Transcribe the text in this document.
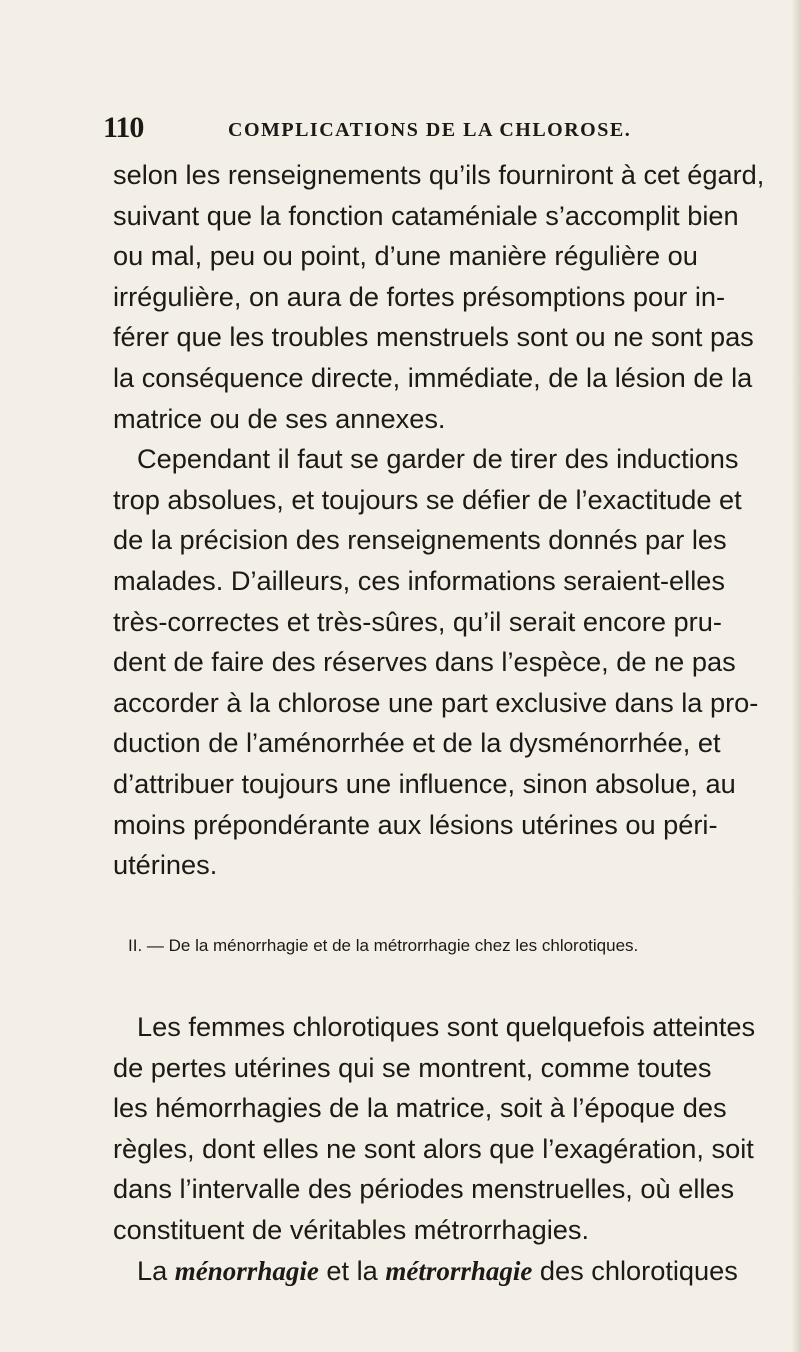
110	COMPLICATIONS DE LA CHLOROSE.
selon les renseignements qu’ils fourniront à cet égard,
suivant que la fonction cataméniale s’accomplit bien
ou mal, peu ou point, d’une manière régulière ou
irrégulière, on aura de fortes présomptions pour in-
férer que les troubles menstruels sont ou ne sont pas
la conséquence directe, immédiate, de la lésion de la
matrice ou de ses annexes.
Cependant il faut se garder de tirer des inductions
trop absolues, et toujours se défier de l’exactitude et
de la précision des renseignements donnés par les
malades. D’ailleurs, ces informations seraient-elles
très-correctes et très-sûres, qu’il serait encore pru-
dent de faire des réserves dans l’espèce, de ne pas
accorder à la chlorose une part exclusive dans la pro-
duction de l’aménorrhée et de la dysménorrhée, et
d’attribuer toujours une influence, sinon absolue, au
moins prépondérante aux lésions utérines ou péri-
utérines.
II. — De la ménorrhagie et de la métrorrhagie chez les chlorotiques.
Les femmes chlorotiques sont quelquefois atteintes
de pertes utérines qui se montrent, comme toutes
les hémorrhagies de la matrice, soit à l’époque des
règles, dont elles ne sont alors que l’exagération, soit
dans l’intervalle des périodes menstruelles, où elles
constituent de véritables métrorrhagies.
La ménorrhagie et la métrorrhagie des chlorotiques
